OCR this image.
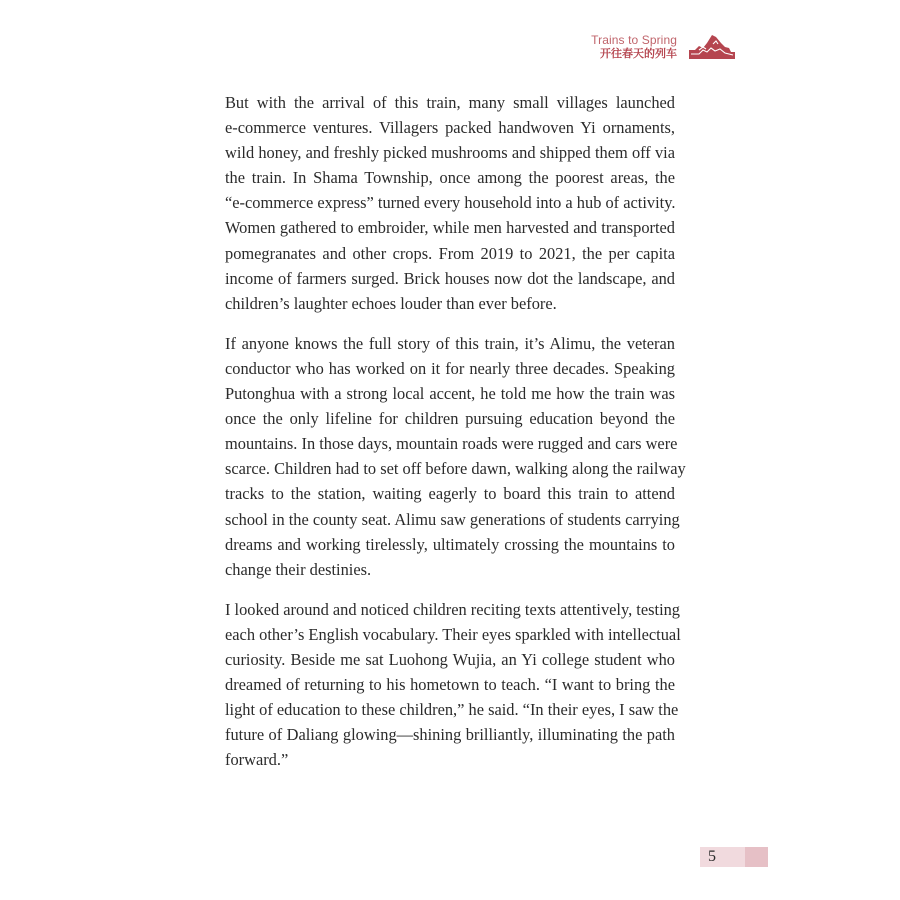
Trains to Spring
开往春天的列车

But with the arrival of this train, many small villages launched
e-commerce ventures. Villagers packed handwoven Yi ornaments,
wild honey, and freshly picked mushrooms and shipped them off via
the train. In Shama Township, once among the poorest areas, the
“e-commerce express” turned every household into a hub of activity.
Women gathered to embroider, while men harvested and transported
pomegranates and other crops. From 2019 to 2021, the per capita
income of farmers surged. Brick houses now dot the landscape, and
children’s laughter echoes louder than ever before.

If anyone knows the full story of this train, it’s Alimu, the veteran
conductor who has worked on it for nearly three decades. Speaking
Putonghua with a strong local accent, he told me how the train was
once the only lifeline for children pursuing education beyond the
mountains. In those days, mountain roads were rugged and cars were
scarce. Children had to set off before dawn, walking along the railway
tracks to the station, waiting eagerly to board this train to attend
school in the county seat. Alimu saw generations of students carrying
dreams and working tirelessly, ultimately crossing the mountains to
change their destinies.

I looked around and noticed children reciting texts attentively, testing
each other’s English vocabulary. Their eyes sparkled with intellectual
curiosity. Beside me sat Luohong Wujia, an Yi college student who
dreamed of returning to his hometown to teach. “I want to bring the
light of education to these children,” he said. “In their eyes, I saw the
future of Daliang glowing—shining brilliantly, illuminating the path
forward.”

5
